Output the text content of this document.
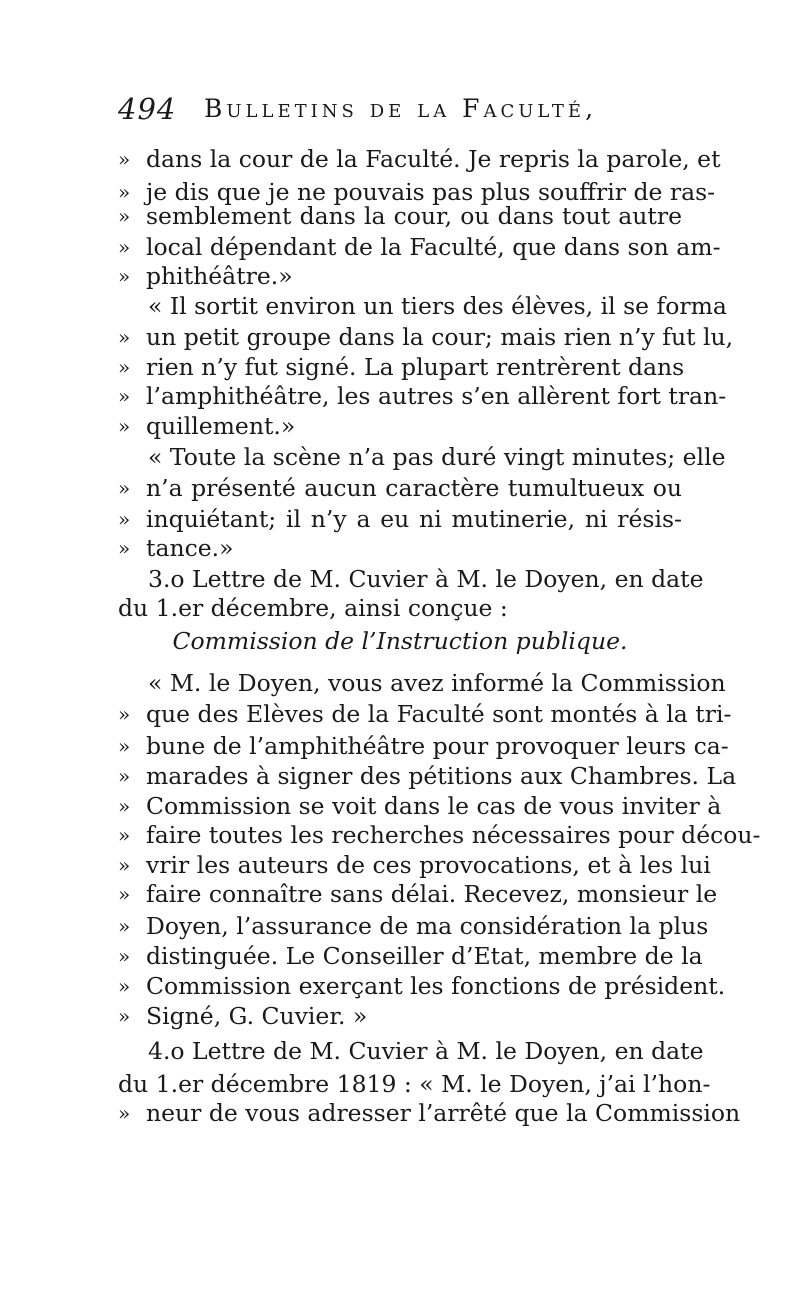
494 Bulletins de la Faculté,
» dans la cour de la Faculté. Je repris la parole, et
» je dis que je ne pouvais pas plus souffrir de ras-
» semblement dans la cour, ou dans tout autre
» local dépendant de la Faculté, que dans son am-
» phithéâtre.»
« Il sortit environ un tiers des élèves, il se forma
» un petit groupe dans la cour; mais rien n’y fut lu,
» rien n’y fut signé. La plupart rentrèrent dans
» l’amphithéâtre, les autres s’en allèrent fort tran-
» quillement.»
« Toute la scène n’a pas duré vingt minutes; elle
» n’a présenté aucun caractère tumultueux ou
» inquiétant; il n’y a eu ni mutinerie, ni résis-
» tance.»
3.o Lettre de M. Cuvier à M. le Doyen, en date
du 1.er décembre, ainsi conçue :
Commission de l’Instruction publique.
« M. le Doyen, vous avez informé la Commission
» que des Elèves de la Faculté sont montés à la tri-
» bune de l’amphithéâtre pour provoquer leurs ca-
» marades à signer des pétitions aux Chambres. La
» Commission se voit dans le cas de vous inviter à
» faire toutes les recherches nécessaires pour décou-
» vrir les auteurs de ces provocations, et à les lui
» faire connaître sans délai. Recevez, monsieur le
» Doyen, l’assurance de ma considération la plus
» distinguée. Le Conseiller d’Etat, membre de la
» Commission exerçant les fonctions de président.
» Signé, G. Cuvier. »
4.o Lettre de M. Cuvier à M. le Doyen, en date
du 1.er décembre 1819 : « M. le Doyen, j’ai l’hon-
» neur de vous adresser l’arrêté que la Commission
